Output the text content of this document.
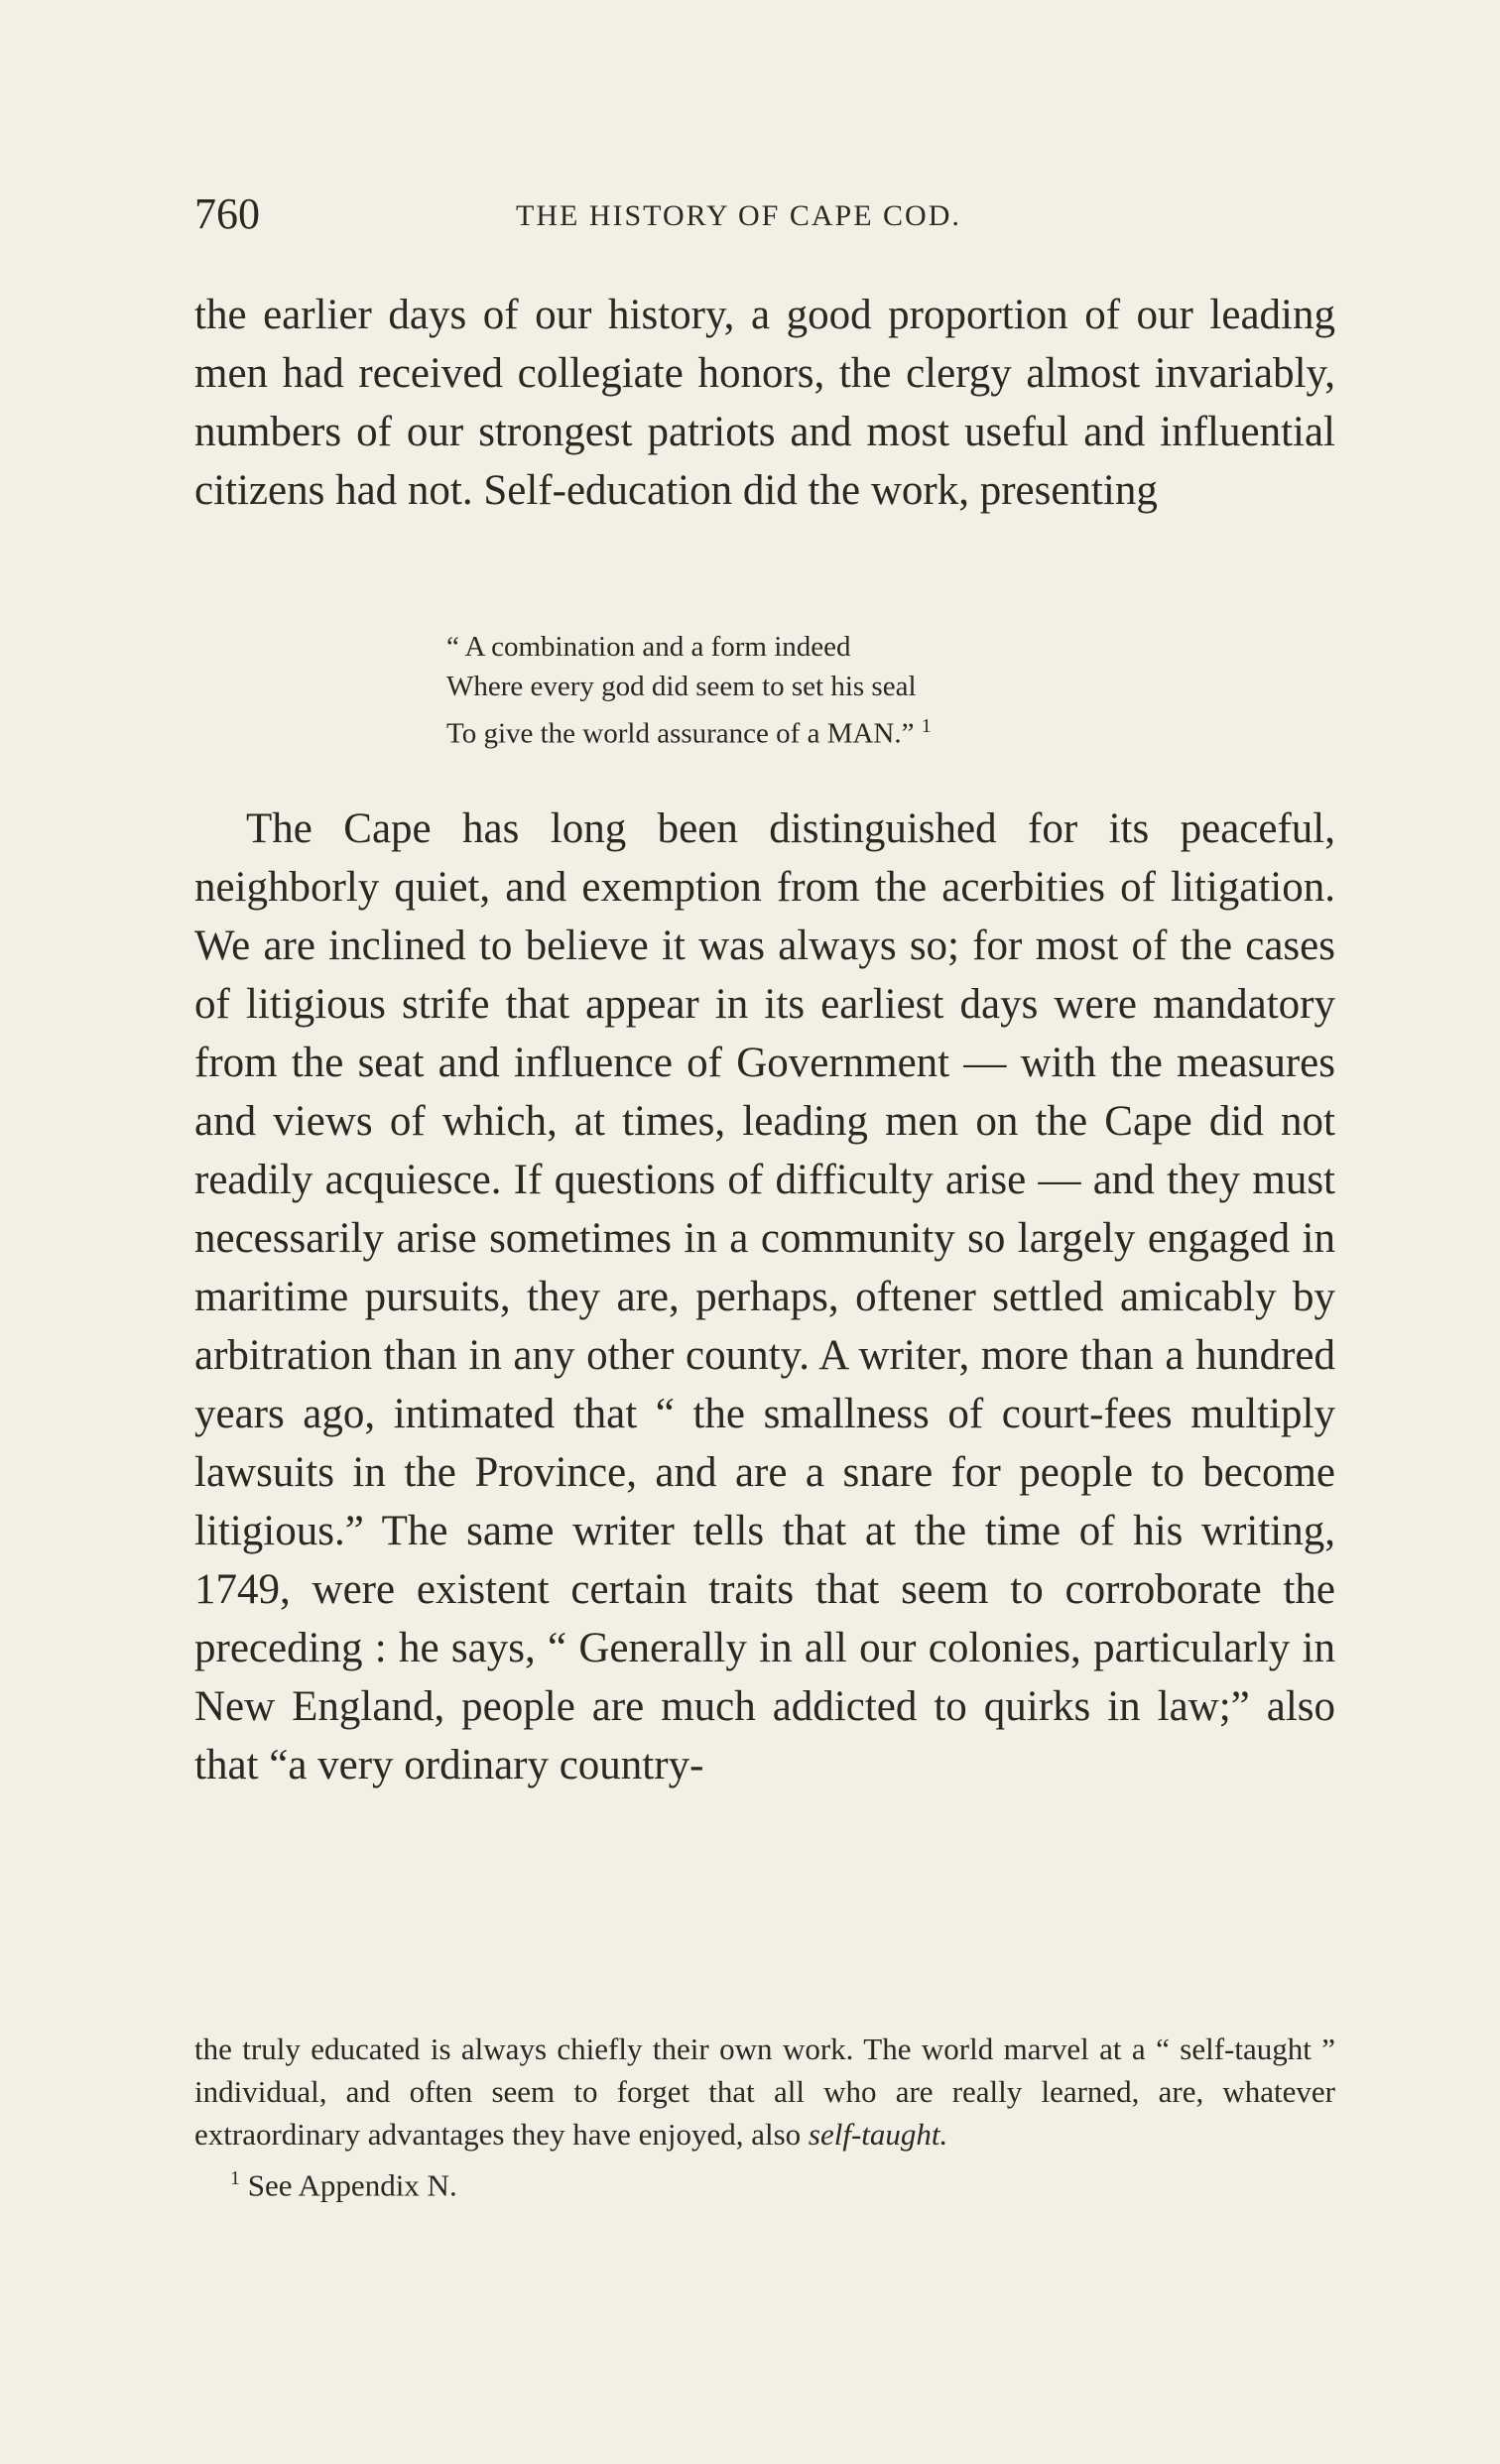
760	THE HISTORY OF CAPE COD.

the earlier days of our history, a good proportion of our leading men had received collegiate honors, the clergy almost invariably, numbers of our strongest patriots and most useful and influential citizens had not. Self-education did the work, presenting

“ A combination and a form indeed
Where every god did seem to set his seal
To give the world assurance of a MAN.” $^1$

The Cape has long been distinguished for its peaceful, neighborly quiet, and exemption from the acerbities of litigation. We are inclined to believe it was always so; for most of the cases of litigious strife that appear in its earliest days were mandatory from the seat and influence of Government — with the measures and views of which, at times, leading men on the Cape did not readily acquiesce. If questions of difficulty arise — and they must necessarily arise sometimes in a community so largely engaged in maritime pursuits, they are, perhaps, oftener settled amicably by arbitration than in any other county. A writer, more than a hundred years ago, intimated that “ the smallness of court-fees multiply lawsuits in the Province, and are a snare for people to become litigious.” The same writer tells that at the time of his writing, 1749, were existent certain traits that seem to corroborate the preceding : he says, “ Generally in all our colonies, particularly in New England, people are much addicted to quirks in law;” also that “a very ordinary country-

the truly educated is always chiefly their own work. The world marvel at a “ self-taught ” individual, and often seem to forget that all who are really learned, are, whatever extraordinary advantages they have enjoyed, also self-taught.

$^1$ See Appendix N.
